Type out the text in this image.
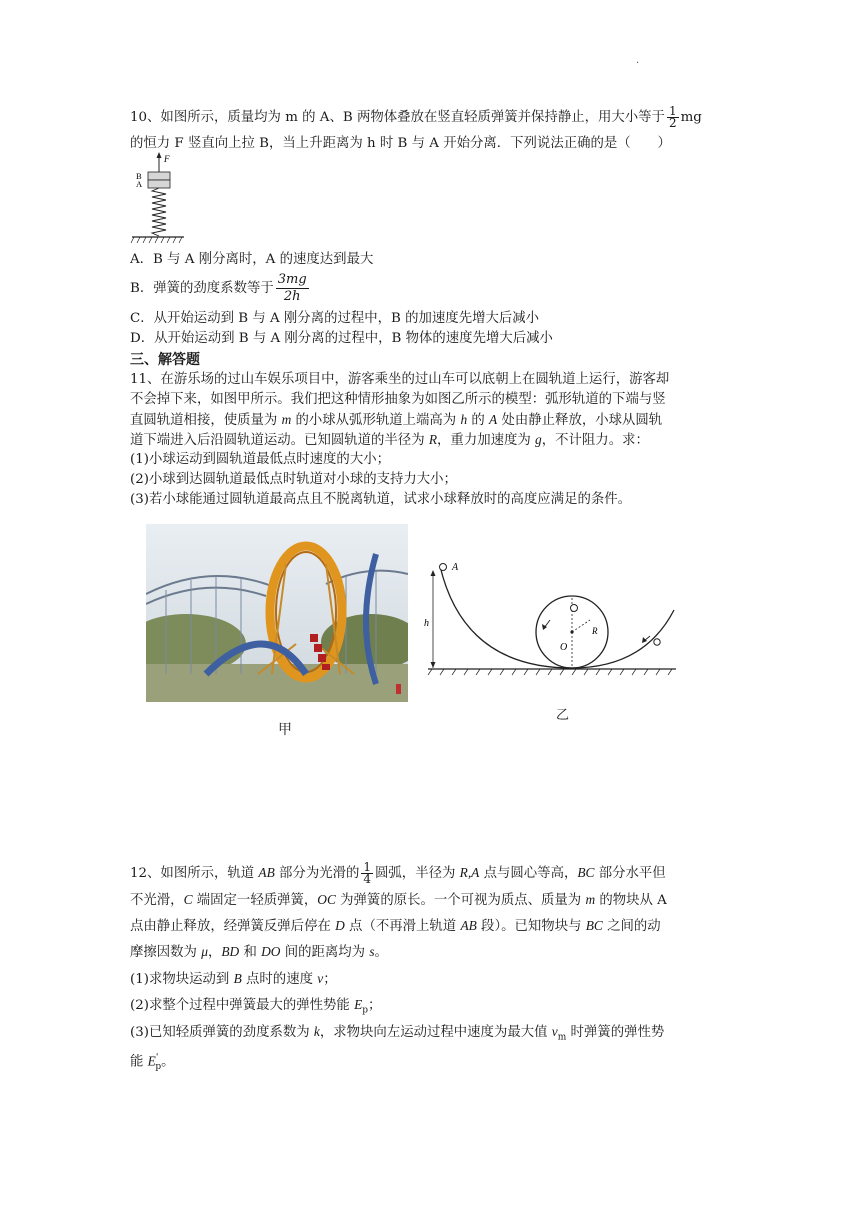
·
10、如图所示，质量均为 m 的 A、B 两物体叠放在竖直轻质弹簧并保持静止，用大小等于 $\frac{1}{2}$ mg
的恒力 F 竖直向上拉 B，当上升距离为 h 时 B 与 A 开始分离．下列说法正确的是（　　）
F
B
A
A．B 与 A 刚分离时，A 的速度达到最大
B．弹簧的劲度系数等于 $\frac{3mg}{2h}$
C．从开始运动到 B 与 A 刚分离的过程中，B 的加速度先增大后减小
D．从开始运动到 B 与 A 刚分离的过程中，B 物体的速度先增大后减小
三、解答题
11、在游乐场的过山车娱乐项目中，游客乘坐的过山车可以底朝上在圆轨道上运行，游客却
不会掉下来，如图甲所示。我们把这种情形抽象为如图乙所示的模型：弧形轨道的下端与竖
直圆轨道相接，使质量为 m 的小球从弧形轨道上端高为 h 的 A 处由静止释放，小球从圆轨
道下端进入后沿圆轨道运动。已知圆轨道的半径为 R，重力加速度为 g，不计阻力。求：
(1)小球运动到圆轨道最低点时速度的大小；
(2)小球到达圆轨道最低点时轨道对小球的支持力大小；
(3)若小球能通过圆轨道最高点且不脱离轨道，试求小球释放时的高度应满足的条件。
甲
A
h
O
R
乙
12、如图所示，轨道 AB 部分为光滑的 $\frac{1}{4}$ 圆弧，半径为 R,A 点与圆心等高，BC 部分水平但
不光滑，C 端固定一轻质弹簧，OC 为弹簧的原长。一个可视为质点、质量为 m 的物块从 A
点由静止释放，经弹簧反弹后停在 D 点（不再滑上轨道 AB 段）。已知物块与 BC 之间的动
摩擦因数为 μ，BD 和 DO 间的距离均为 s。
(1)求物块运动到 B 点时的速度 v；
(2)求整个过程中弹簧最大的弹性势能 $E_p$；
(3)已知轻质弹簧的劲度系数为 k，求物块向左运动过程中速度为最大值 $v_m$ 时弹簧的弹性势
能 $E'_p$。
